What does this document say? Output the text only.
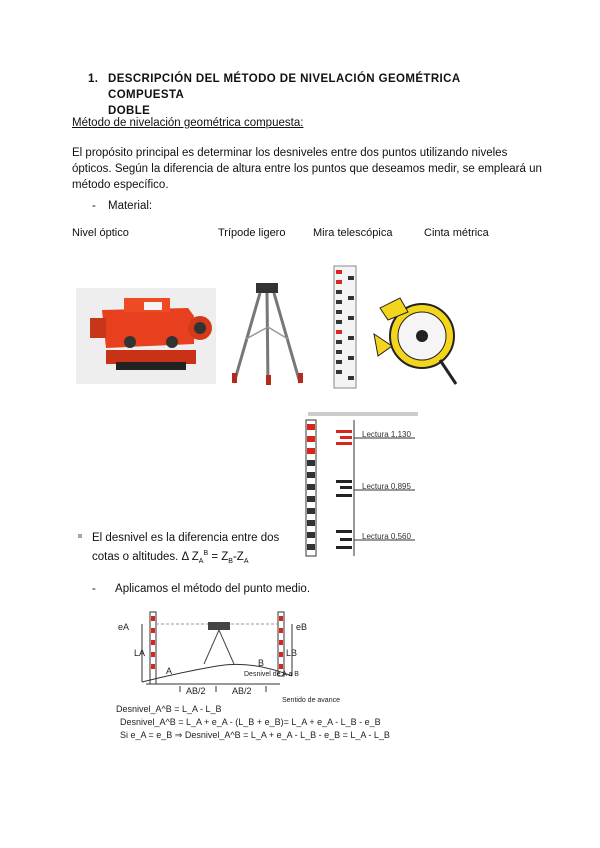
1. DESCRIPCIÓN DEL MÉTODO DE NIVELACIÓN GEOMÉTRICA COMPUESTA
DOBLE
Método de nivelación geométrica compuesta:
El propósito principal es determinar los desniveles entre dos puntos utilizando niveles
ópticos. Según la diferencia de altura entre los puntos que deseamos medir, se empleará un
método específico.
- Material:
Nivel óptico	Trípode ligero	Mira telescópica	Cinta métrica
Lectura 1,130
Lectura 0,895
Lectura 0,560
El desnivel es la diferencia entre dos
cotas o altitudes. Δ $Z_A^B = Z_B-Z_A$
- Aplicamos el método del punto medio.
eA	eB
LA	LB
A
B
Desnivel de A a B
AB/2	AB/2
Sentido de avance
Desnivel_A^B = L_A - L_B
Desnivel_A^B = L_A + e_A - (L_B + e_B)= L_A + e_A - L_B - e_B
Si e_A = e_B ⇒ Desnivel_A^B = L_A + e_A - L_B - e_B = L_A - L_B
